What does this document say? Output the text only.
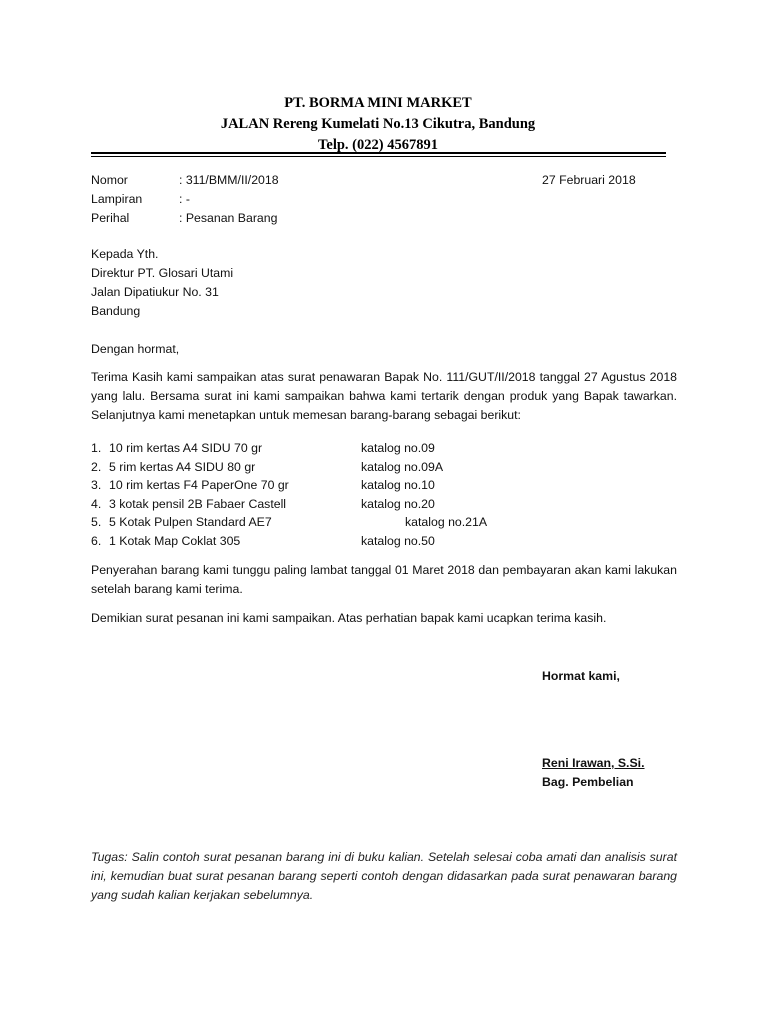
PT. BORMA MINI MARKET
JALAN Rereng Kumelati No.13 Cikutra, Bandung
Telp. (022) 4567891
Nomor	: 311/BMM/II/2018
Lampiran	: -
Perihal	: Pesanan Barang
27 Februari 2018
Kepada Yth.
Direktur PT. Glosari Utami
Jalan Dipatiukur No. 31
Bandung
Dengan hormat,
Terima Kasih kami sampaikan atas surat penawaran Bapak No. 111/GUT/II/2018 tanggal 27 Agustus 2018 yang lalu. Bersama surat ini kami sampaikan bahwa kami tertarik dengan produk yang Bapak tawarkan. Selanjutnya kami menetapkan untuk memesan barang-barang sebagai berikut:
1. 10 rim kertas A4 SIDU 70 gr	katalog no.09
2. 5 rim kertas A4 SIDU 80 gr	katalog no.09A
3. 10 rim kertas F4 PaperOne 70 gr	katalog no.10
4. 3 kotak pensil 2B Fabaer Castell	katalog no.20
5. 5 Kotak Pulpen Standard AE7	katalog no.21A
6. 1 Kotak Map Coklat 305	katalog no.50
Penyerahan barang kami tunggu paling lambat tanggal 01 Maret 2018 dan pembayaran akan kami lakukan setelah barang kami terima.
Demikian surat pesanan ini kami sampaikan. Atas perhatian bapak kami ucapkan terima kasih.
Hormat kami,
Reni Irawan, S.Si.
Bag. Pembelian
Tugas: Salin contoh surat pesanan barang ini di buku kalian. Setelah selesai coba amati dan analisis surat ini, kemudian buat surat pesanan barang seperti contoh dengan didasarkan pada surat penawaran barang yang sudah kalian kerjakan sebelumnya.
